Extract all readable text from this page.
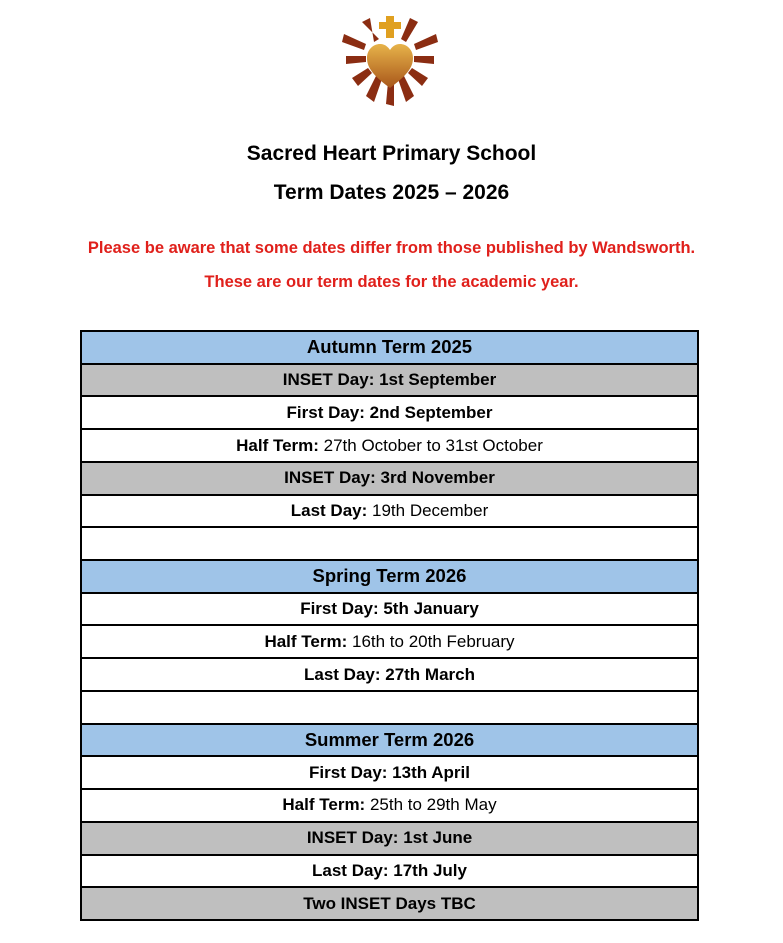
Sacred Heart Primary School
Term Dates 2025 – 2026
Please be aware that some dates differ from those published by Wandsworth.
These are our term dates for the academic year.
Autumn Term 2025
INSET Day: 1st September
First Day: 2nd September
Half Term: 27th October to 31st October
INSET Day: 3rd November
Last Day: 19th December
Spring Term 2026
First Day: 5th January
Half Term: 16th to 20th February
Last Day: 27th March
Summer Term 2026
First Day: 13th April
Half Term: 25th to 29th May
INSET Day: 1st June
Last Day: 17th July
Two INSET Days TBC
